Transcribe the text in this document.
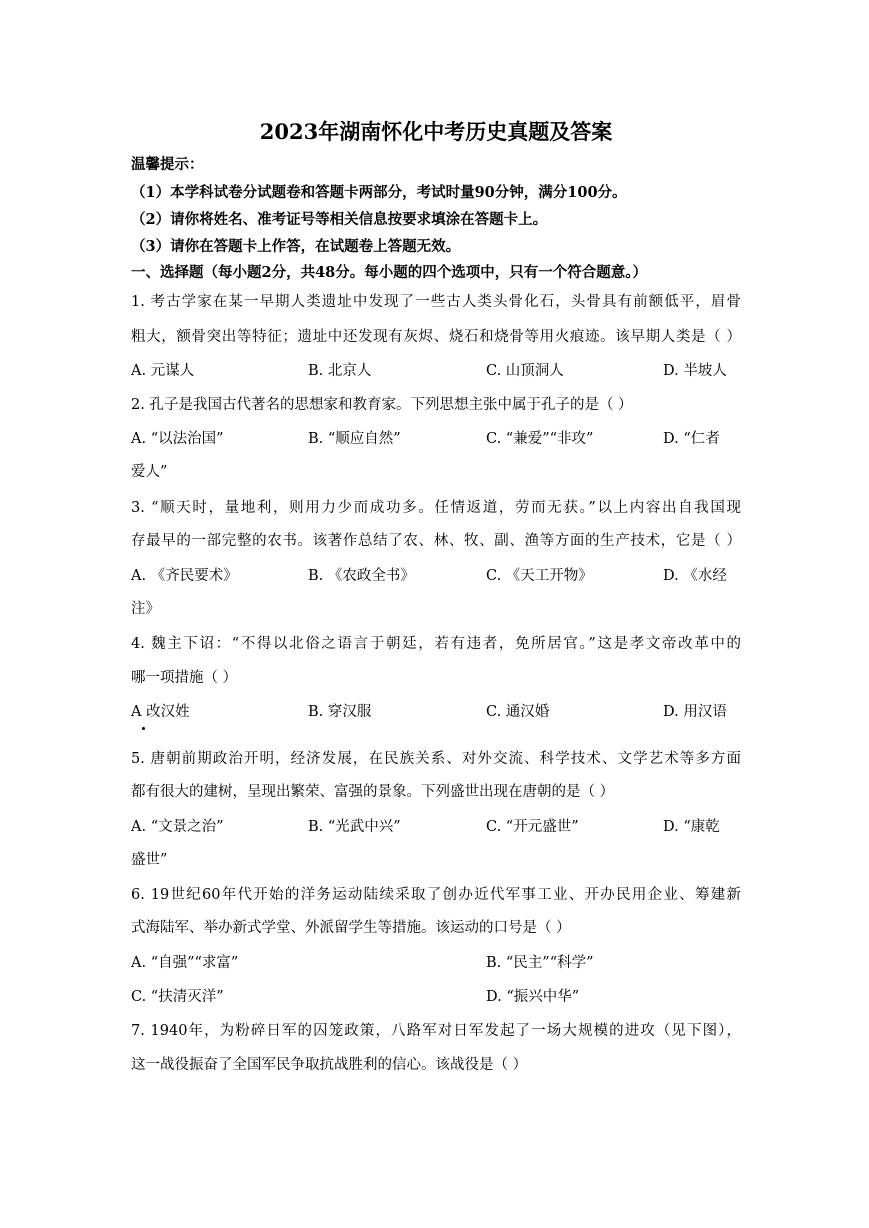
2023年湖南怀化中考历史真题及答案
温馨提示：
（1）本学科试卷分试题卷和答题卡两部分，考试时量90分钟，满分100分。
（2）请你将姓名、准考证号等相关信息按要求填涂在答题卡上。
（3）请你在答题卡上作答，在试题卷上答题无效。
一、选择题（每小题2分，共48分。每小题的四个选项中，只有一个符合题意。）
1. 考古学家在某一早期人类遗址中发现了一些古人类头骨化石，头骨具有前额低平，眉骨
粗大，额骨突出等特征；遗址中还发现有灰烬、烧石和烧骨等用火痕迹。该早期人类是（ ）
A. 元谋人	B. 北京人	C. 山顶洞人	D. 半坡人
2. 孔子是我国古代著名的思想家和教育家。下列思想主张中属于孔子的是（ ）
A. “以法治国”	B. “顺应自然”	C. “兼爱”“非攻”	D. “仁者
爱人”
3. “顺天时，量地利，则用力少而成功多。任情返道，劳而无获。”以上内容出自我国现
存最早的一部完整的农书。该著作总结了农、林、牧、副、渔等方面的生产技术，它是（ ）
A. 《齐民要术》	B. 《农政全书》	C. 《天工开物》	D. 《水经
注》
4. 魏主下诏：“不得以北俗之语言于朝廷，若有违者，免所居官。”这是孝文帝改革中的
哪一项措施（ ）
A 改汉姓	B. 穿汉服	C. 通汉婚	D. 用汉语
5. 唐朝前期政治开明，经济发展，在民族关系、对外交流、科学技术、文学艺术等多方面
都有很大的建树，呈现出繁荣、富强的景象。下列盛世出现在唐朝的是（ ）
A. “文景之治”	B. “光武中兴”	C. “开元盛世”	D. “康乾
盛世”
6. 19世纪60年代开始的洋务运动陆续采取了创办近代军事工业、开办民用企业、筹建新
式海陆军、举办新式学堂、外派留学生等措施。该运动的口号是（ ）
A. “自强”“求富”	B. “民主”“科学”
C. “扶清灭洋”	D. “振兴中华”
7. 1940年，为粉碎日军的囚笼政策，八路军对日军发起了一场大规模的进攻（见下图），
这一战役振奋了全国军民争取抗战胜利的信心。该战役是（ ）
